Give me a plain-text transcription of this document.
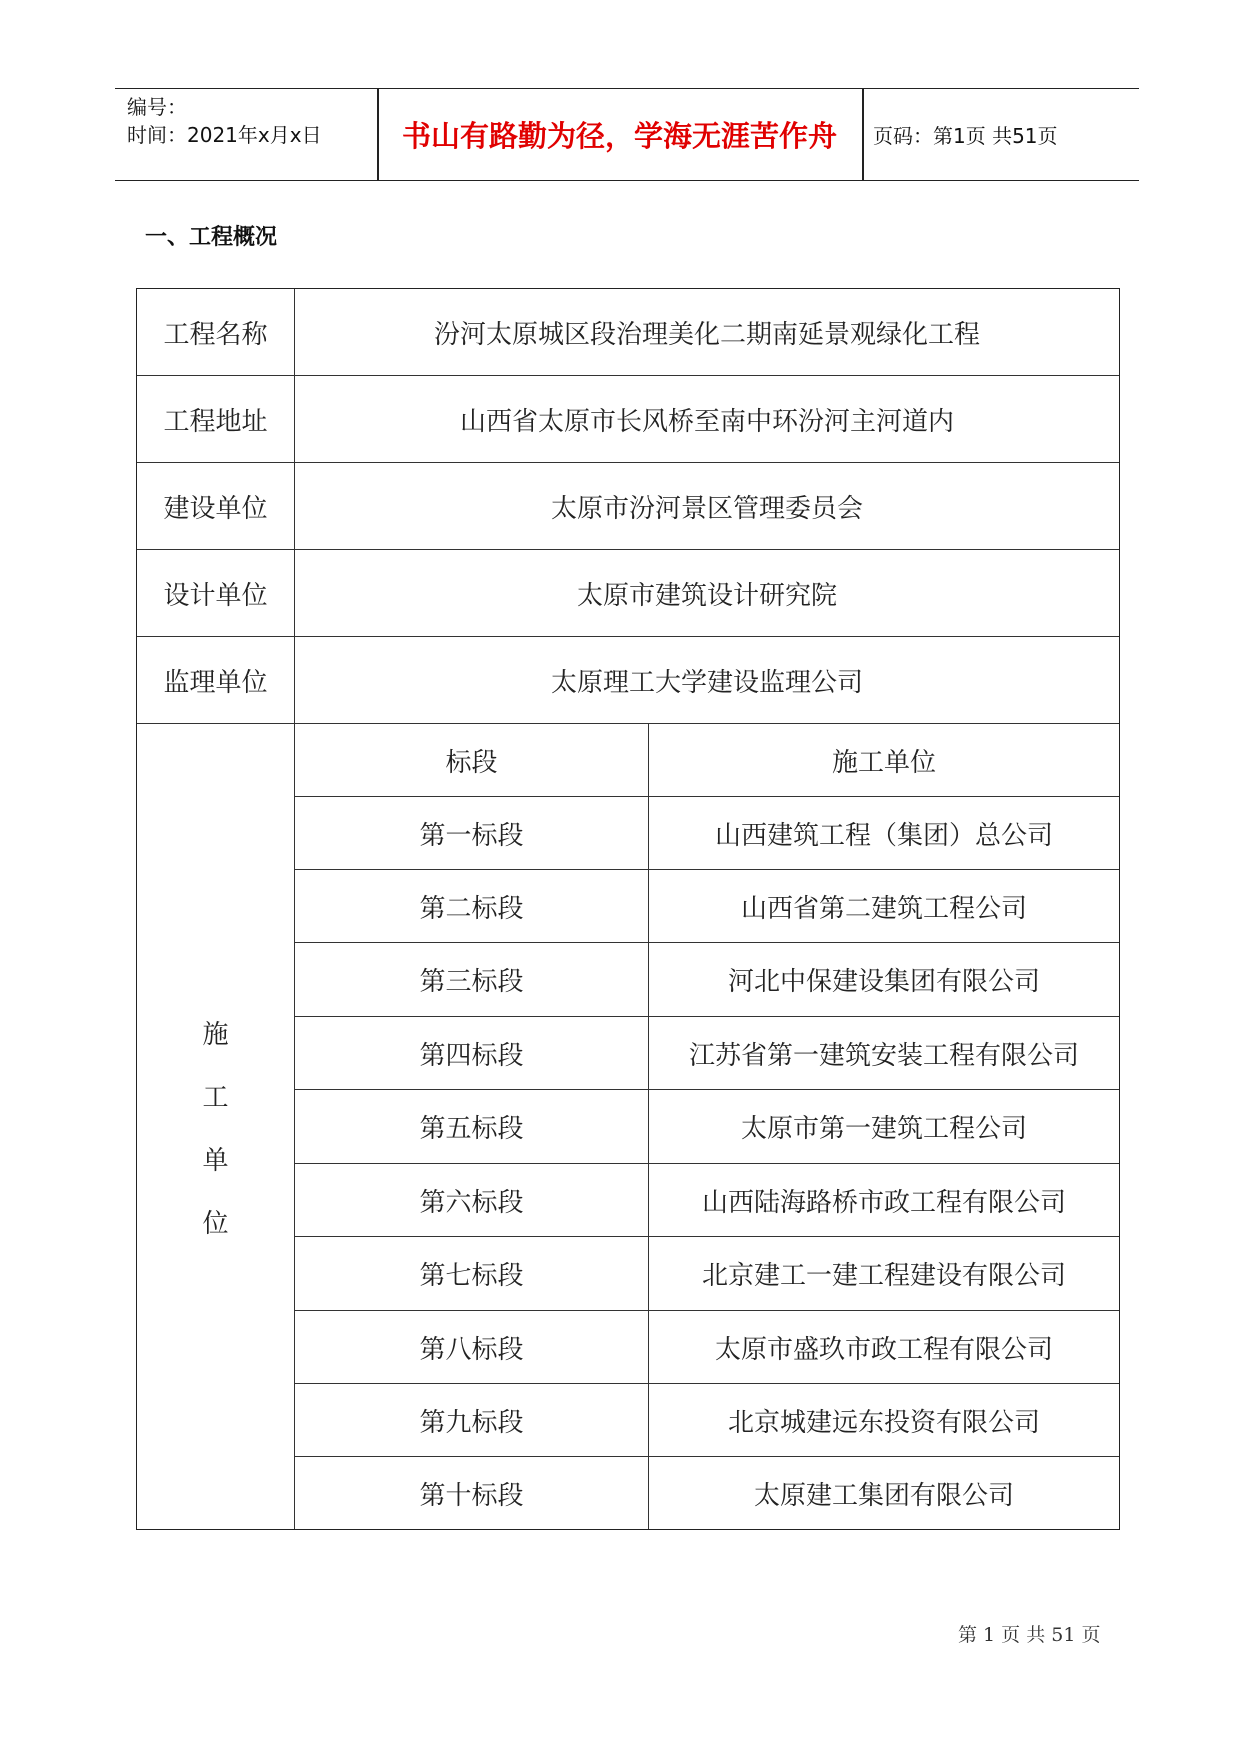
编号：
时间：2021年x月x日	书山有路勤为径，学海无涯苦作舟	页码：第1页 共51页
一、工程概况
工程名称	汾河太原城区段治理美化二期南延景观绿化工程
工程地址	山西省太原市长风桥至南中环汾河主河道内
建设单位	太原市汾河景区管理委员会
设计单位	太原市建筑设计研究院
监理单位	太原理工大学建设监理公司
施
工
单
位
标段	施工单位
第一标段	山西建筑工程（集团）总公司
第二标段	山西省第二建筑工程公司
第三标段	河北中保建设集团有限公司
第四标段	江苏省第一建筑安装工程有限公司
第五标段	太原市第一建筑工程公司
第六标段	山西陆海路桥市政工程有限公司
第七标段	北京建工一建工程建设有限公司
第八标段	太原市盛玖市政工程有限公司
第九标段	北京城建远东投资有限公司
第十标段	太原建工集团有限公司
第 1 页 共 51 页
